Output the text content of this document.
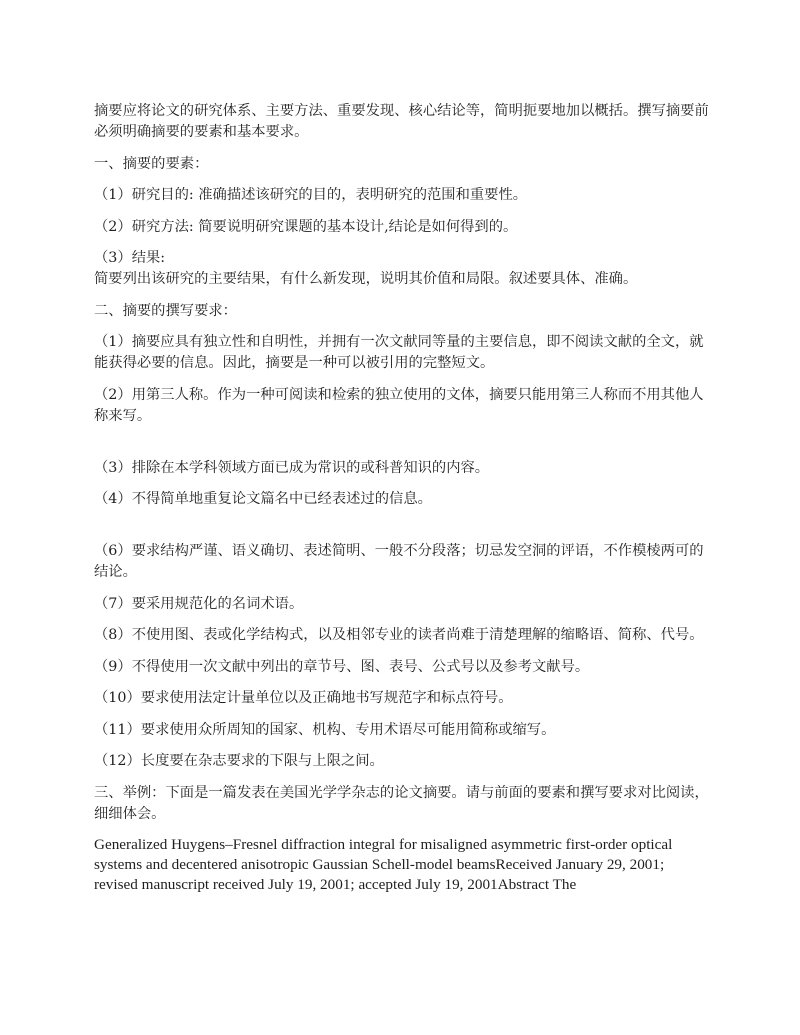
摘要应将论文的研究体系、主要方法、重要发现、核心结论等，简明扼要地加以概括。撰写摘要前必须明确摘要的要素和基本要求。

一、摘要的要素：

（1）研究目的: 准确描述该研究的目的，表明研究的范围和重要性。

（2）研究方法: 简要说明研究课题的基本设计,结论是如何得到的。

（3）结果:
简要列出该研究的主要结果，有什么新发现，说明其价值和局限。叙述要具体、准确。

二、摘要的撰写要求：

（1）摘要应具有独立性和自明性，并拥有一次文献同等量的主要信息，即不阅读文献的全文，就能获得必要的信息。因此，摘要是一种可以被引用的完整短文。

（2）用第三人称。作为一种可阅读和检索的独立使用的文体，摘要只能用第三人称而不用其他人称来写。

（3）排除在本学科领域方面已成为常识的或科普知识的内容。

（4）不得简单地重复论文篇名中已经表述过的信息。

（6）要求结构严谨、语义确切、表述简明、一般不分段落；切忌发空洞的评语，不作模棱两可的结论。

（7）要采用规范化的名词术语。

（8）不使用图、表或化学结构式，以及相邻专业的读者尚难于清楚理解的缩略语、简称、代号。

（9）不得使用一次文献中列出的章节号、图、表号、公式号以及参考文献号。

（10）要求使用法定计量单位以及正确地书写规范字和标点符号。

（11）要求使用众所周知的国家、机构、专用术语尽可能用简称或缩写。

（12）长度要在杂志要求的下限与上限之间。

三、举例：下面是一篇发表在美国光学学杂志的论文摘要。请与前面的要素和撰写要求对比阅读，细细体会。

Generalized Huygens–Fresnel diffraction integral for misaligned asymmetric first-order optical systems and decentered anisotropic Gaussian Schell-model beamsReceived January 29, 2001; revised manuscript received July 19, 2001; accepted July 19, 2001Abstract The
